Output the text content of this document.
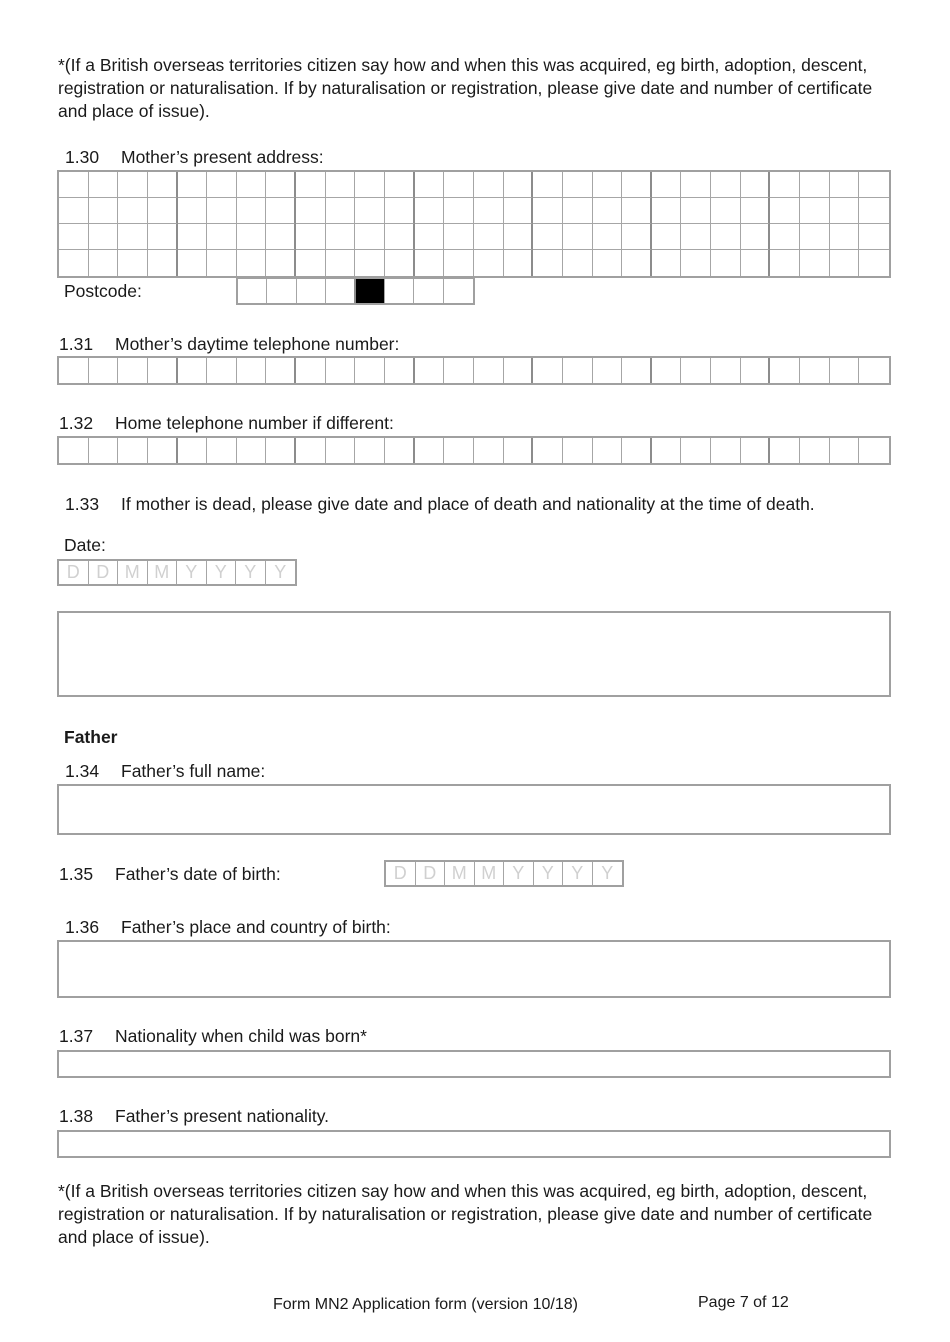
*(If a British overseas territories citizen say how and when this was acquired, eg birth, adoption, descent, registration or naturalisation. If by naturalisation or registration, please give date and number of certificate and place of issue).
1.30 Mother’s present address:
Postcode:
1.31 Mother’s daytime telephone number:
1.32 Home telephone number if different:
1.33 If mother is dead, please give date and place of death and nationality at the time of death.
Date:
D D M M Y Y Y Y
Father
1.34 Father’s full name:
1.35 Father’s date of birth:	D D M M Y Y Y Y
1.36 Father’s place and country of birth:
1.37 Nationality when child was born*
1.38 Father’s present nationality.
*(If a British overseas territories citizen say how and when this was acquired, eg birth, adoption, descent, registration or naturalisation. If by naturalisation or registration, please give date and number of certificate and place of issue).
Form MN2 Application form (version 10/18)	Page 7 of 12
